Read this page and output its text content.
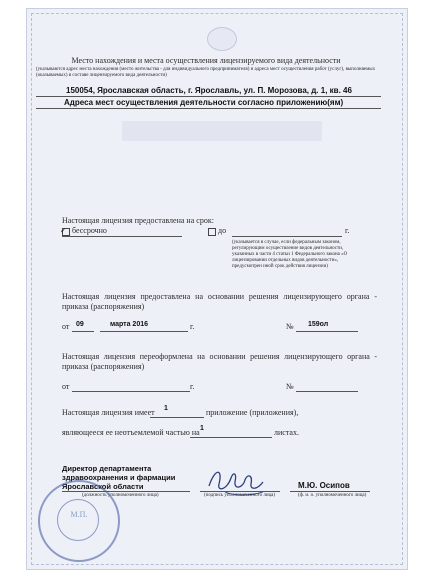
Место нахождения и места осуществления лицензируемого вида деятельности
(указываются адрес места нахождения (место жительства - для индивидуального предпринимателя) и адреса мест осуществления работ (услуг), выполняемых (оказываемых) в составе лицензируемого вида деятельности)
150054, Ярославская область, г. Ярославль, ул. П. Морозова, д. 1, кв. 46
Адреса мест осуществления деятельности согласно приложению(ям)
Настоящая лицензия предоставлена на срок:
✓ бессрочно	до	г.
(указывается в случае, если федеральным законом, регулирующим осуществление видов деятельности, указанных в части 4 статьи 1 Федерального закона «О лицензировании отдельных видов деятельности», предусмотрен иной срок действия лицензии)
Настоящая лицензия предоставлена на основании решения лицензирующего органа - приказа (распоряжения)
от 09	марта 2016	г.	№ 159ол
Настоящая лицензия переоформлена на основании решения лицензирующего органа - приказа (распоряжения)
от	г.	№
Настоящая лицензия имеет 1	приложение (приложения),
являющееся ее неотъемлемой частью на 1	листах.
Директор департамента здравоохранения и фармации Ярославской области
(должность уполномоченного лица)	(подпись уполномоченного лица)
М.Ю. Осипов
(ф. и. о. уполномоченного лица)
М.П.
